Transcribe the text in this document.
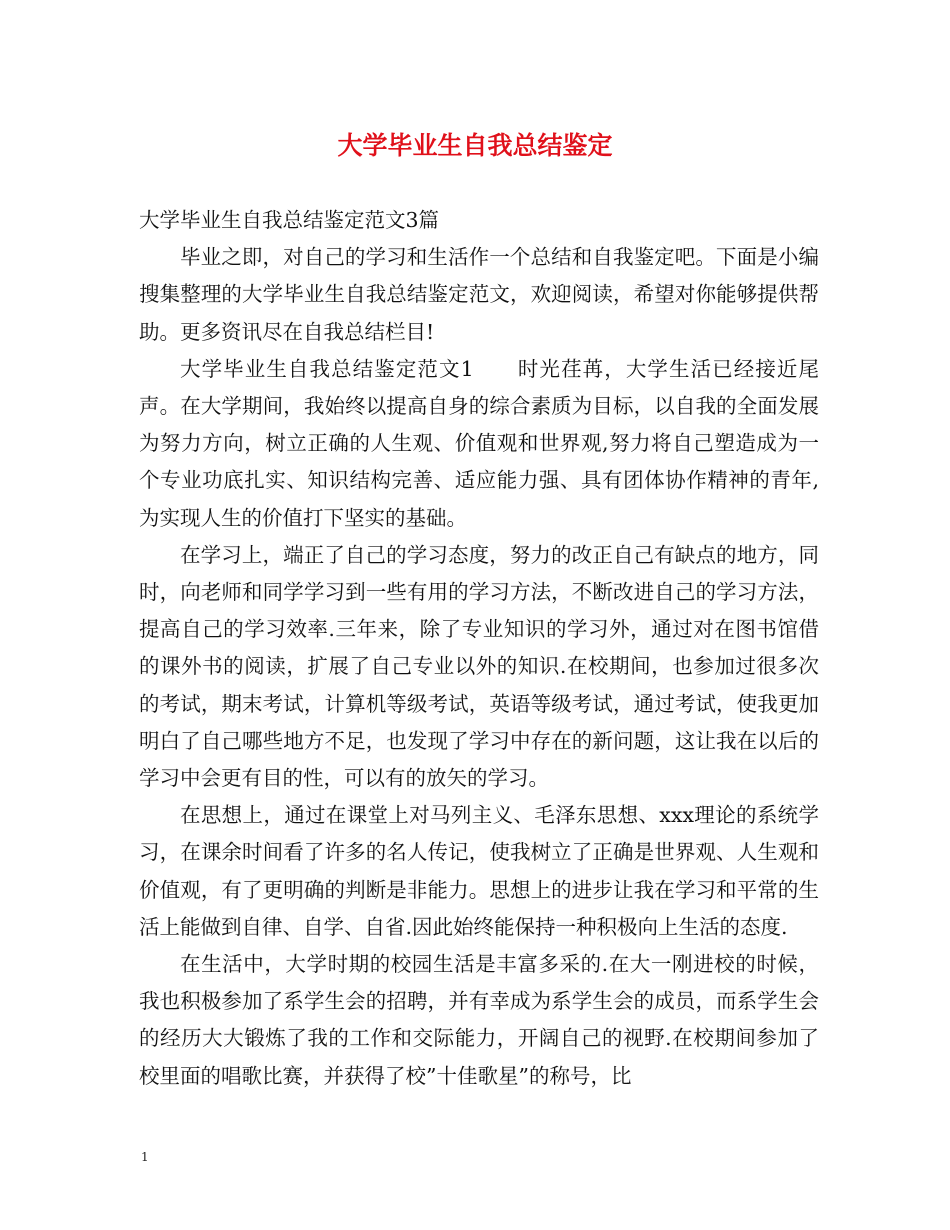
大学毕业生自我总结鉴定

大学毕业生自我总结鉴定范文3篇

毕业之即，对自己的学习和生活作一个总结和自我鉴定吧。下面是小编搜集整理的大学毕业生自我总结鉴定范文，欢迎阅读，希望对你能够提供帮助。更多资讯尽在自我总结栏目!

大学毕业生自我总结鉴定范文1　　时光荏苒，大学生活已经接近尾声。在大学期间，我始终以提高自身的综合素质为目标，以自我的全面发展为努力方向，树立正确的人生观、价值观和世界观,努力将自己塑造成为一个专业功底扎实、知识结构完善、适应能力强、具有团体协作精神的青年,为实现人生的价值打下坚实的基础。

在学习上，端正了自己的学习态度，努力的改正自己有缺点的地方，同时，向老师和同学学习到一些有用的学习方法，不断改进自己的学习方法，提高自己的学习效率.三年来，除了专业知识的学习外，通过对在图书馆借的课外书的阅读，扩展了自己专业以外的知识.在校期间，也参加过很多次的考试，期末考试，计算机等级考试，英语等级考试，通过考试，使我更加明白了自己哪些地方不足，也发现了学习中存在的新问题，这让我在以后的学习中会更有目的性，可以有的放矢的学习。

在思想上，通过在课堂上对马列主义、毛泽东思想、xxx理论的系统学习，在课余时间看了许多的名人传记，使我树立了正确是世界观、人生观和价值观，有了更明确的判断是非能力。思想上的进步让我在学习和平常的生活上能做到自律、自学、自省.因此始终能保持一种积极向上生活的态度.

在生活中，大学时期的校园生活是丰富多采的.在大一刚进校的时候，我也积极参加了系学生会的招聘，并有幸成为系学生会的成员，而系学生会的经历大大锻炼了我的工作和交际能力，开阔自己的视野.在校期间参加了校里面的唱歌比赛，并获得了校”十佳歌星”的称号，比

1
